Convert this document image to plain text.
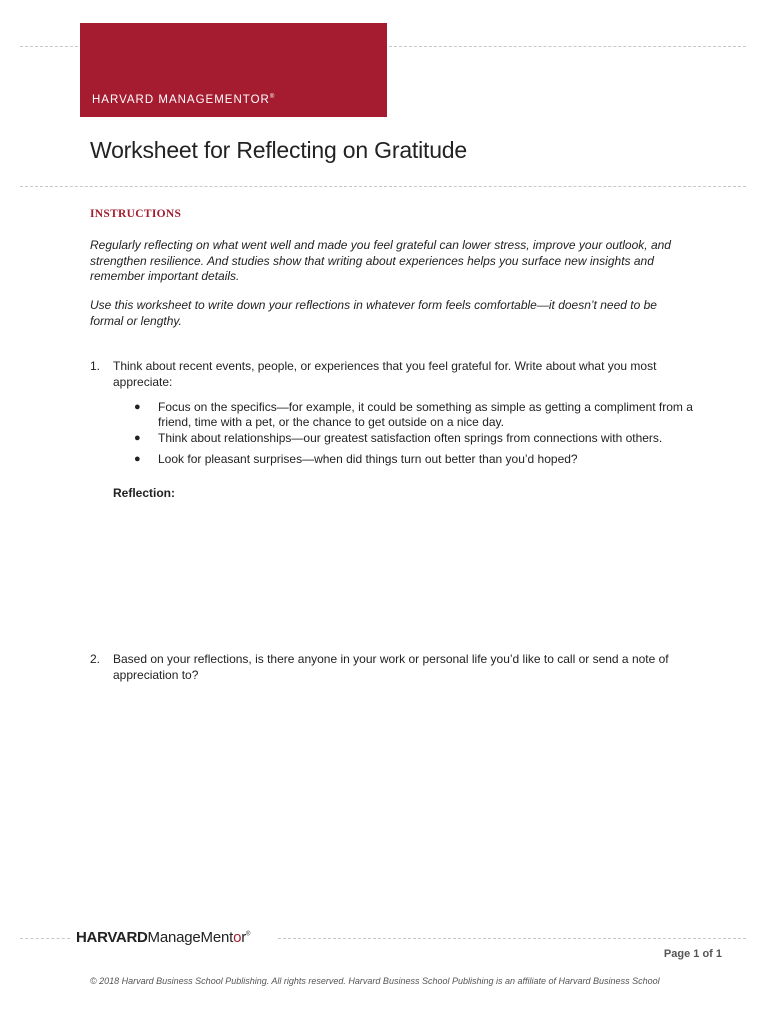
HARVARD MANAGEMENTOR®
Worksheet for Reflecting on Gratitude
INSTRUCTIONS
Regularly reflecting on what went well and made you feel grateful can lower stress, improve your outlook, and strengthen resilience. And studies show that writing about experiences helps you surface new insights and remember important details.
Use this worksheet to write down your reflections in whatever form feels comfortable—it doesn’t need to be formal or lengthy.
1. Think about recent events, people, or experiences that you feel grateful for. Write about what you most appreciate:
● Focus on the specifics—for example, it could be something as simple as getting a compliment from a friend, time with a pet, or the chance to get outside on a nice day.
● Think about relationships—our greatest satisfaction often springs from connections with others.
● Look for pleasant surprises—when did things turn out better than you’d hoped?
Reflection:
2. Based on your reflections, is there anyone in your work or personal life you’d like to call or send a note of appreciation to?
HARVARDManageMentor®
Page 1 of 1
© 2018 Harvard Business School Publishing. All rights reserved. Harvard Business School Publishing is an affiliate of Harvard Business School
